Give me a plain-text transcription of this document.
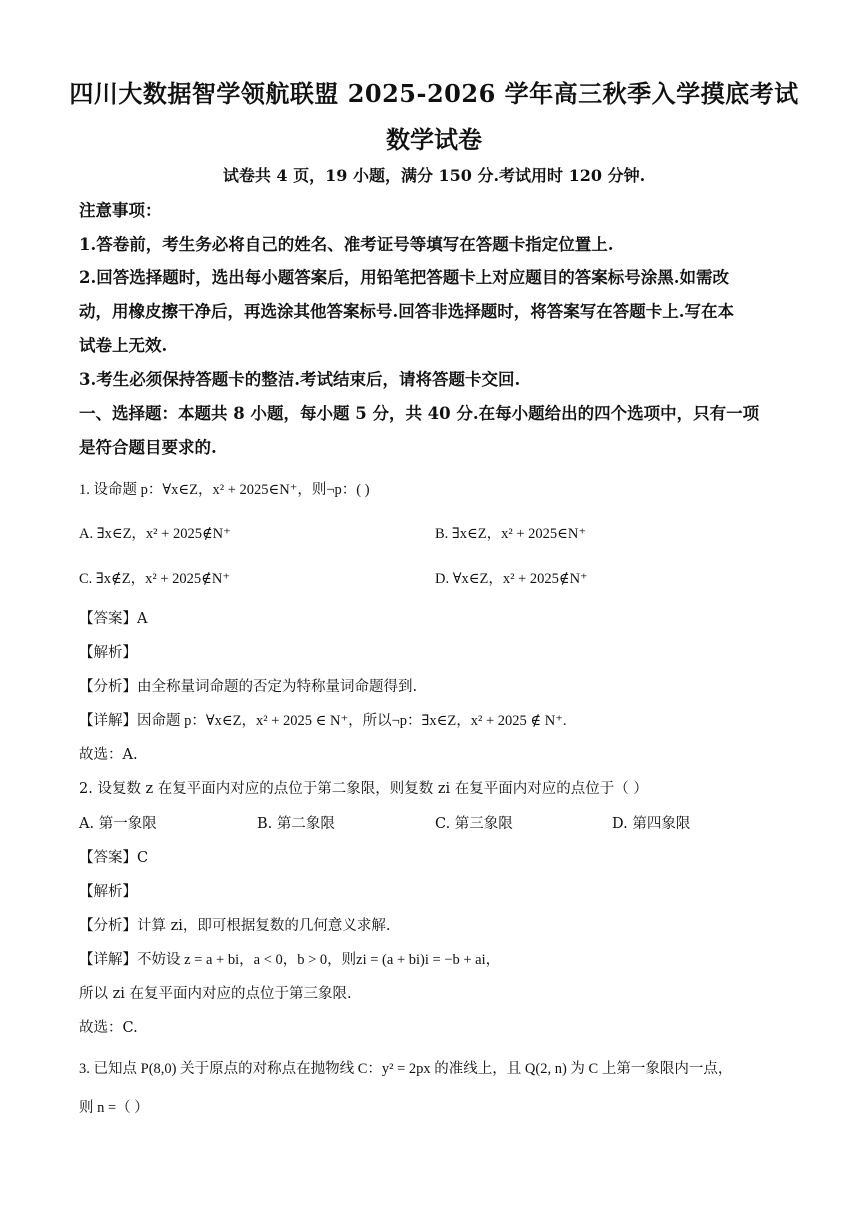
四川大数据智学领航联盟 2025-2026 学年高三秋季入学摸底考试
数学试卷
试卷共 4 页，19 小题，满分 150 分.考试用时 120 分钟.
注意事项：
1.答卷前，考生务必将自己的姓名、准考证号等填写在答题卡指定位置上.
2.回答选择题时，选出每小题答案后，用铅笔把答题卡上对应题目的答案标号涂黑.如需改
动，用橡皮擦干净后，再选涂其他答案标号.回答非选择题时，将答案写在答题卡上.写在本
试卷上无效.
3.考生必须保持答题卡的整洁.考试结束后，请将答题卡交回.
一、选择题：本题共 8 小题，每小题 5 分，共 40 分.在每小题给出的四个选项中，只有一项
是符合题目要求的.
1. 设命题 p：∀x∈Z，x² + 2025∈N⁺，则¬p：( )
A. ∃x∈Z，x² + 2025∉N⁺	B. ∃x∈Z，x² + 2025∈N⁺
C. ∃x∉Z，x² + 2025∉N⁺	D. ∀x∈Z，x² + 2025∉N⁺
【答案】A
【解析】
【分析】由全称量词命题的否定为特称量词命题得到.
【详解】因命题 p：∀x∈Z，x² + 2025 ∈ N⁺，所以¬p：∃x∈Z，x² + 2025 ∉ N⁺.
故选：A.
2. 设复数 z 在复平面内对应的点位于第二象限，则复数 zi 在复平面内对应的点位于（ ）
A. 第一象限	B. 第二象限	C. 第三象限	D. 第四象限
【答案】C
【解析】
【分析】计算 zi，即可根据复数的几何意义求解.
【详解】不妨设 z = a + bi，a < 0，b > 0，则zi = (a + bi)i = −b + ai，
所以 zi 在复平面内对应的点位于第三象限.
故选：C.
3. 已知点 P(8,0) 关于原点的对称点在抛物线 C：y² = 2px 的准线上，且 Q(2, n) 为 C 上第一象限内一点，
则 n =（ ）
